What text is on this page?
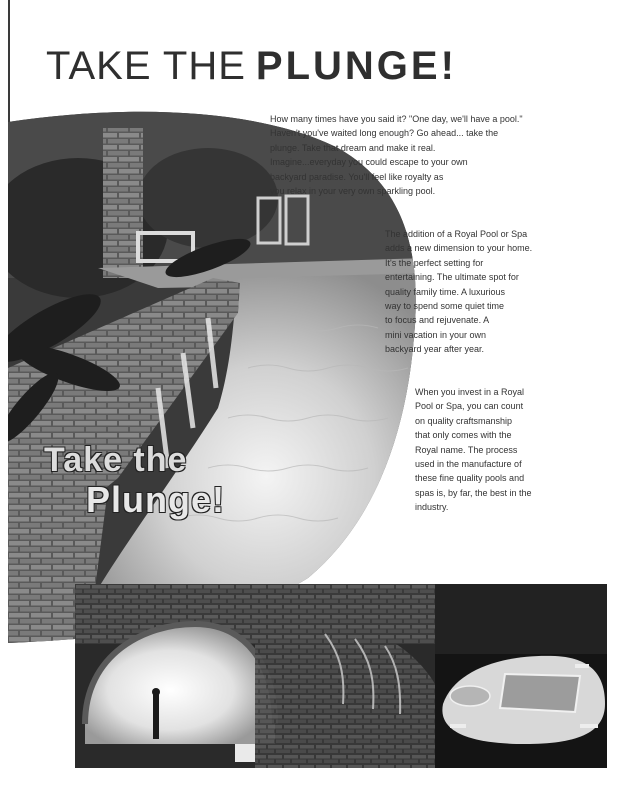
TAKE THE PLUNGE!
Take the
Plunge!

How many times have you said it? "One day, we'll have a pool."
Haven't you've waited long enough? Go ahead... take the
plunge. Take that dream and make it real.
Imagine...everyday you could escape to your own
backyard paradise. You'll feel like royalty as
you relax in your very own sparkling pool.

The addition of a Royal Pool or Spa
adds a new dimension to your home.
It's the perfect setting for
entertaining. The ultimate spot for
quality family time. A luxurious
way to spend some quiet time
to focus and rejuvenate. A
mini vacation in your own
backyard year after year.

When you invest in a Royal
Pool or Spa, you can count
on quality craftsmanship
that only comes with the
Royal name. The process
used in the manufacture of
these fine quality pools and
spas is, by far, the best in the
industry.
